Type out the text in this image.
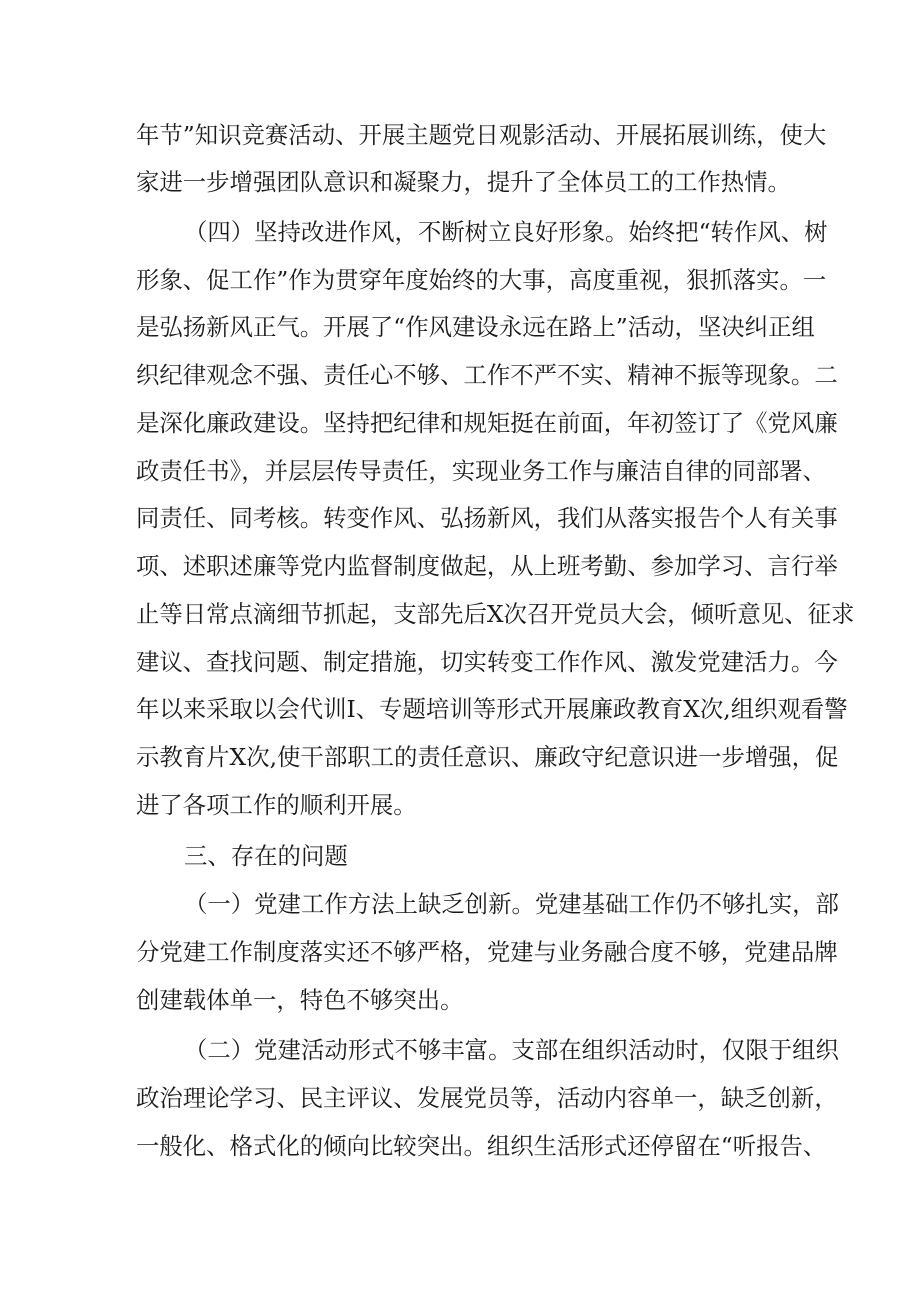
年节”知识竞赛活动、开展主题党日观影活动、开展拓展训练，使大
家进一步增强团队意识和凝聚力，提升了全体员工的工作热情。
（四）坚持改进作风，不断树立良好形象。始终把“转作风、树
形象、促工作”作为贯穿年度始终的大事，高度重视，狠抓落实。一
是弘扬新风正气。开展了“作风建设永远在路上”活动，坚决纠正组
织纪律观念不强、责任心不够、工作不严不实、精神不振等现象。二
是深化廉政建设。坚持把纪律和规矩挺在前面，年初签订了《党风廉
政责任书》，并层层传导责任，实现业务工作与廉洁自律的同部署、
同责任、同考核。转变作风、弘扬新风，我们从落实报告个人有关事
项、述职述廉等党内监督制度做起，从上班考勤、参加学习、言行举
止等日常点滴细节抓起，支部先后X次召开党员大会，倾听意见、征求
建议、查找问题、制定措施，切实转变工作作风、激发党建活力。今
年以来采取以会代训I、专题培训等形式开展廉政教育X次,组织观看警
示教育片X次,使干部职工的责任意识、廉政守纪意识进一步增强，促
进了各项工作的顺利开展。
三、存在的问题
（一）党建工作方法上缺乏创新。党建基础工作仍不够扎实，部
分党建工作制度落实还不够严格，党建与业务融合度不够，党建品牌
创建载体单一，特色不够突出。
（二）党建活动形式不够丰富。支部在组织活动时，仅限于组织
政治理论学习、民主评议、发展党员等，活动内容单一，缺乏创新，
一般化、格式化的倾向比较突出。组织生活形式还停留在“听报告、
